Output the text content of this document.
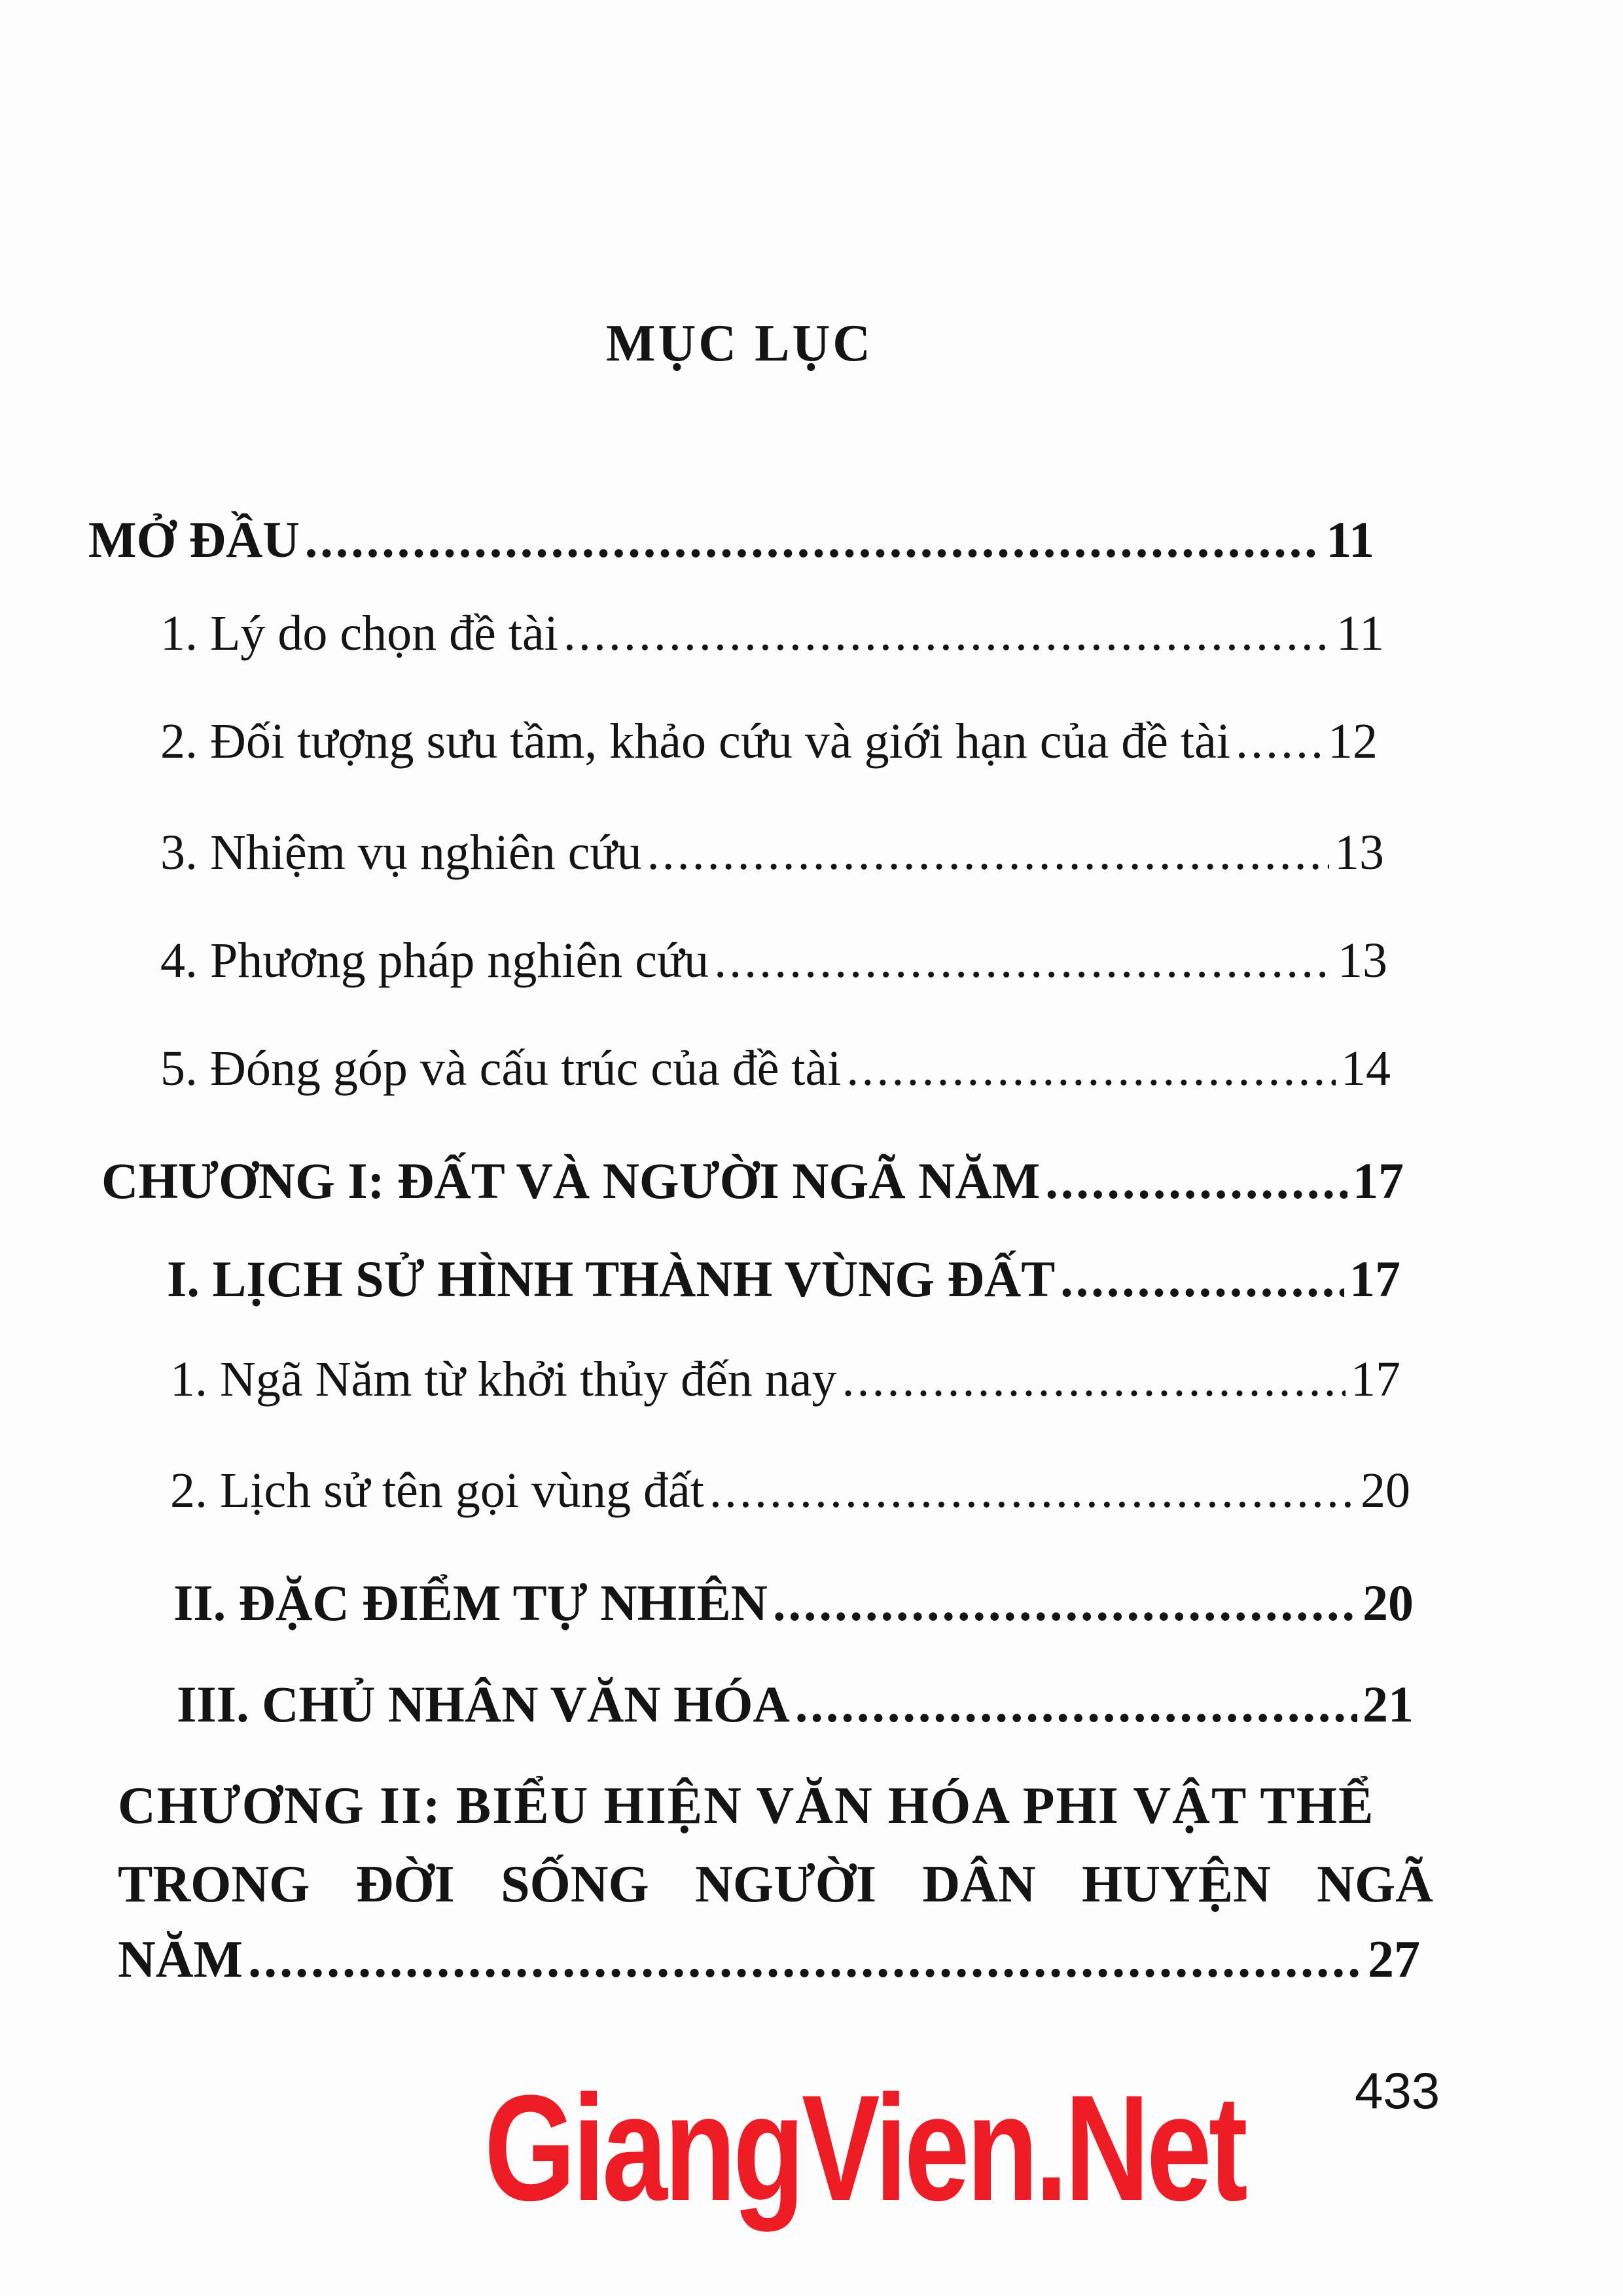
MỤC LỤC
MỞ ĐẦU .....	11
1. Lý do chọn đề tài .....	11
2. Đối tượng sưu tầm, khảo cứu và giới hạn của đề tài ..... 12
3. Nhiệm vụ nghiên cứu .....	13
4. Phương pháp nghiên cứu .....	13
5. Đóng góp và cấu trúc của đề tài .....	14
CHƯƠNG I: ĐẤT VÀ NGƯỜI NGÃ NĂM .....	17
I. LỊCH SỬ HÌNH THÀNH VÙNG ĐẤT .....	17
1. Ngã Năm từ khởi thủy đến nay .....	17
2. Lịch sử tên gọi vùng đất .....	20
II. ĐẶC ĐIỂM TỰ NHIÊN .....	20
III. CHỦ NHÂN VĂN HÓA .....	21
CHƯƠNG II: BIỂU HIỆN VĂN HÓA PHI VẬT THỂ
TRONG ĐỜI SỐNG NGƯỜI DÂN HUYỆN NGÃ
NĂM .....	27
GiangVien.Net 433
